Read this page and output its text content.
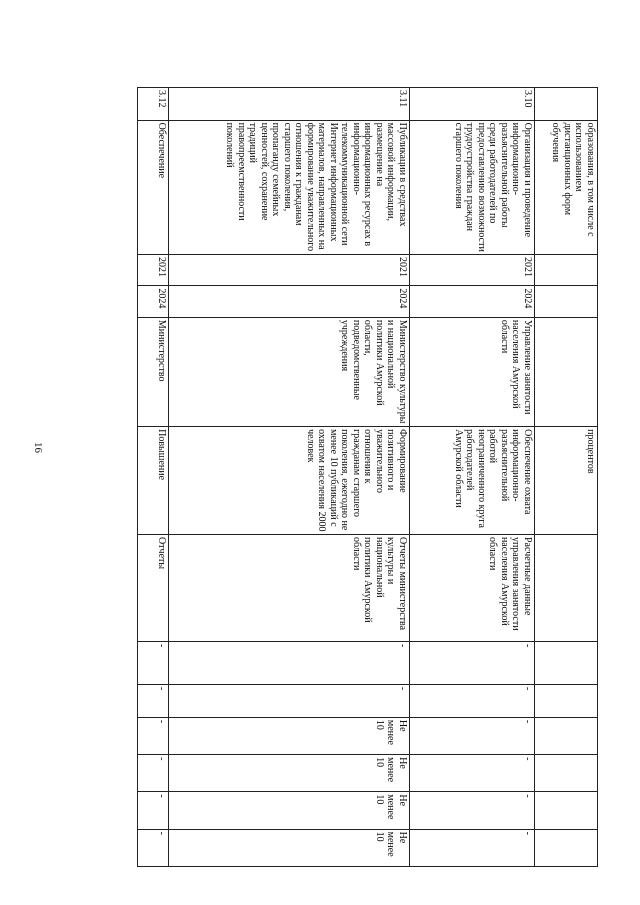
16
	образования, в том числе с использованием дистанционных форм обучения				процентов							
3.10	Организация и проведение информационно-разъяснительной работы среди работодателей по предоставлению возможности трудоустройства граждан старшего поколения	2021	2024	Управление занятости населения Амурской области	Обеспечение охвата информационно-разъяснительной работой неограниченного круга работодателей Амурской области	Расчетные данные управления занятости населения Амурской области	-	-	-	-	-	-
3.11	Публикации в средствах массовой информации, размещение на информационных ресурсах в информационно-телекоммуникационной сети Интернет информационных материалов, направленных на формирование уважительного отношения к гражданам старшего поколения, пропаганду семейных ценностей, сохранение традиций правопреемственности поколений	2021	2024	Министерство культуры и национальной политики Амурской области, подведомственные учреждения	Формирование позитивного и уважительного отношения к гражданам старшего поколения, ежегодно не менее 10 публикаций с охватом населения 2000 человек	Отчеты министерства культуры и национальной политики Амурской области	-	-	Не менее 10	Не менее 10	Не менее 10	Не менее 10
3.12	Обеспечение	2021	2024	Министерство	Повышение	Отчеты	-	-	-	-	-	-
